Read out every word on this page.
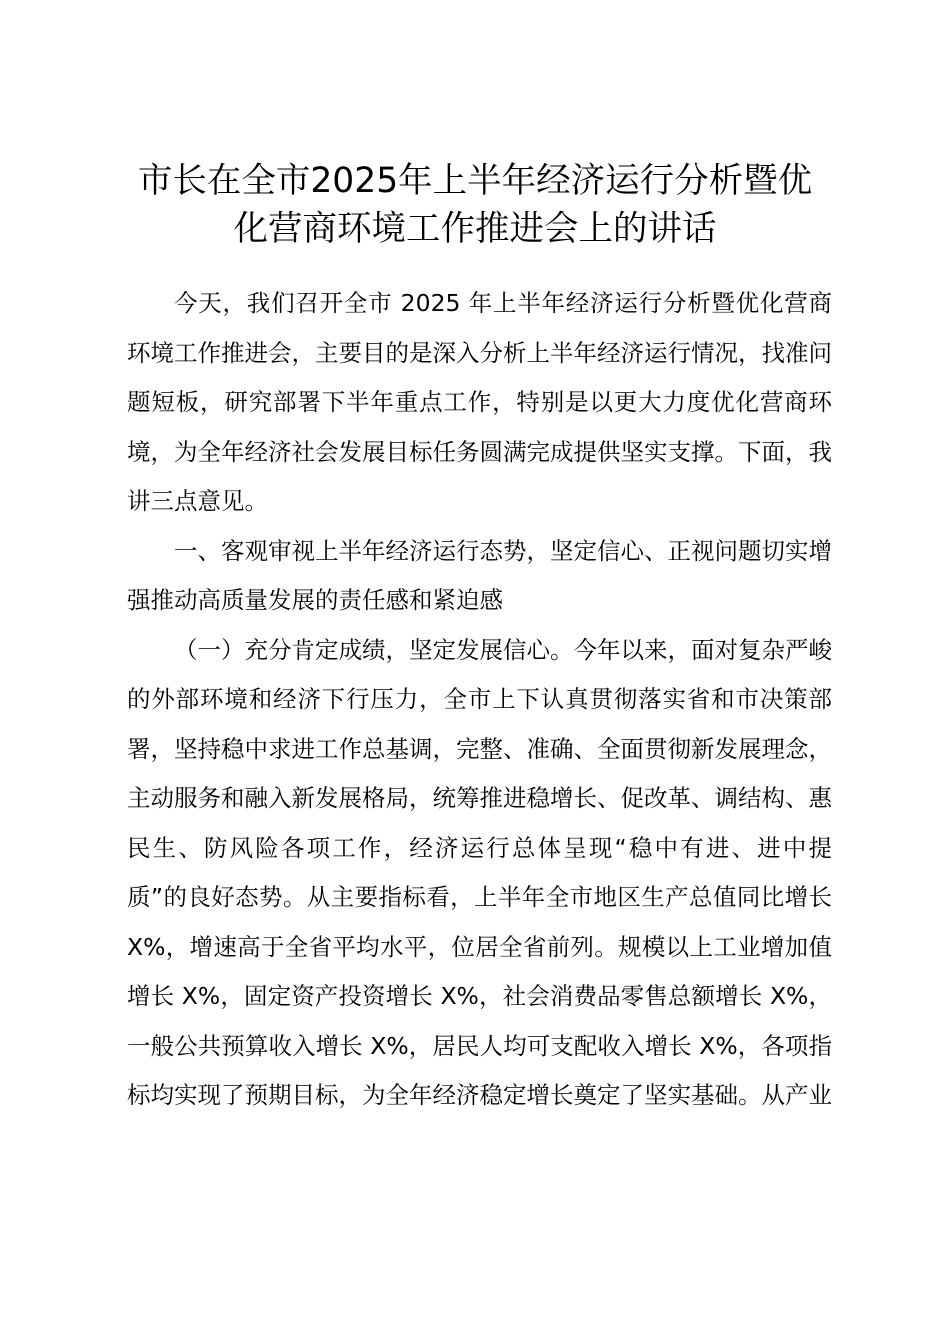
市长在全市2025年上半年经济运行分析暨优
化营商环境工作推进会上的讲话

今天，我们召开全市 2025 年上半年经济运行分析暨优化营商环境工作推进会，主要目的是深入分析上半年经济运行情况，找准问题短板，研究部署下半年重点工作，特别是以更大力度优化营商环境，为全年经济社会发展目标任务圆满完成提供坚实支撑。下面，我讲三点意见。

一、客观审视上半年经济运行态势，坚定信心、正视问题切实增强推动高质量发展的责任感和紧迫感

（一）充分肯定成绩，坚定发展信心。今年以来，面对复杂严峻的外部环境和经济下行压力，全市上下认真贯彻落实省和市决策部署，坚持稳中求进工作总基调，完整、准确、全面贯彻新发展理念，主动服务和融入新发展格局，统筹推进稳增长、促改革、调结构、惠民生、防风险各项工作，经济运行总体呈现“稳中有进、进中提质”的良好态势。从主要指标看，上半年全市地区生产总值同比增长 X%，增速高于全省平均水平，位居全省前列。规模以上工业增加值增长 X%，固定资产投资增长 X%，社会消费品零售总额增长 X%，一般公共预算收入增长 X%，居民人均可支配收入增长 X%，各项指标均实现了预期目标，为全年经济稳定增长奠定了坚实基础。从产业
